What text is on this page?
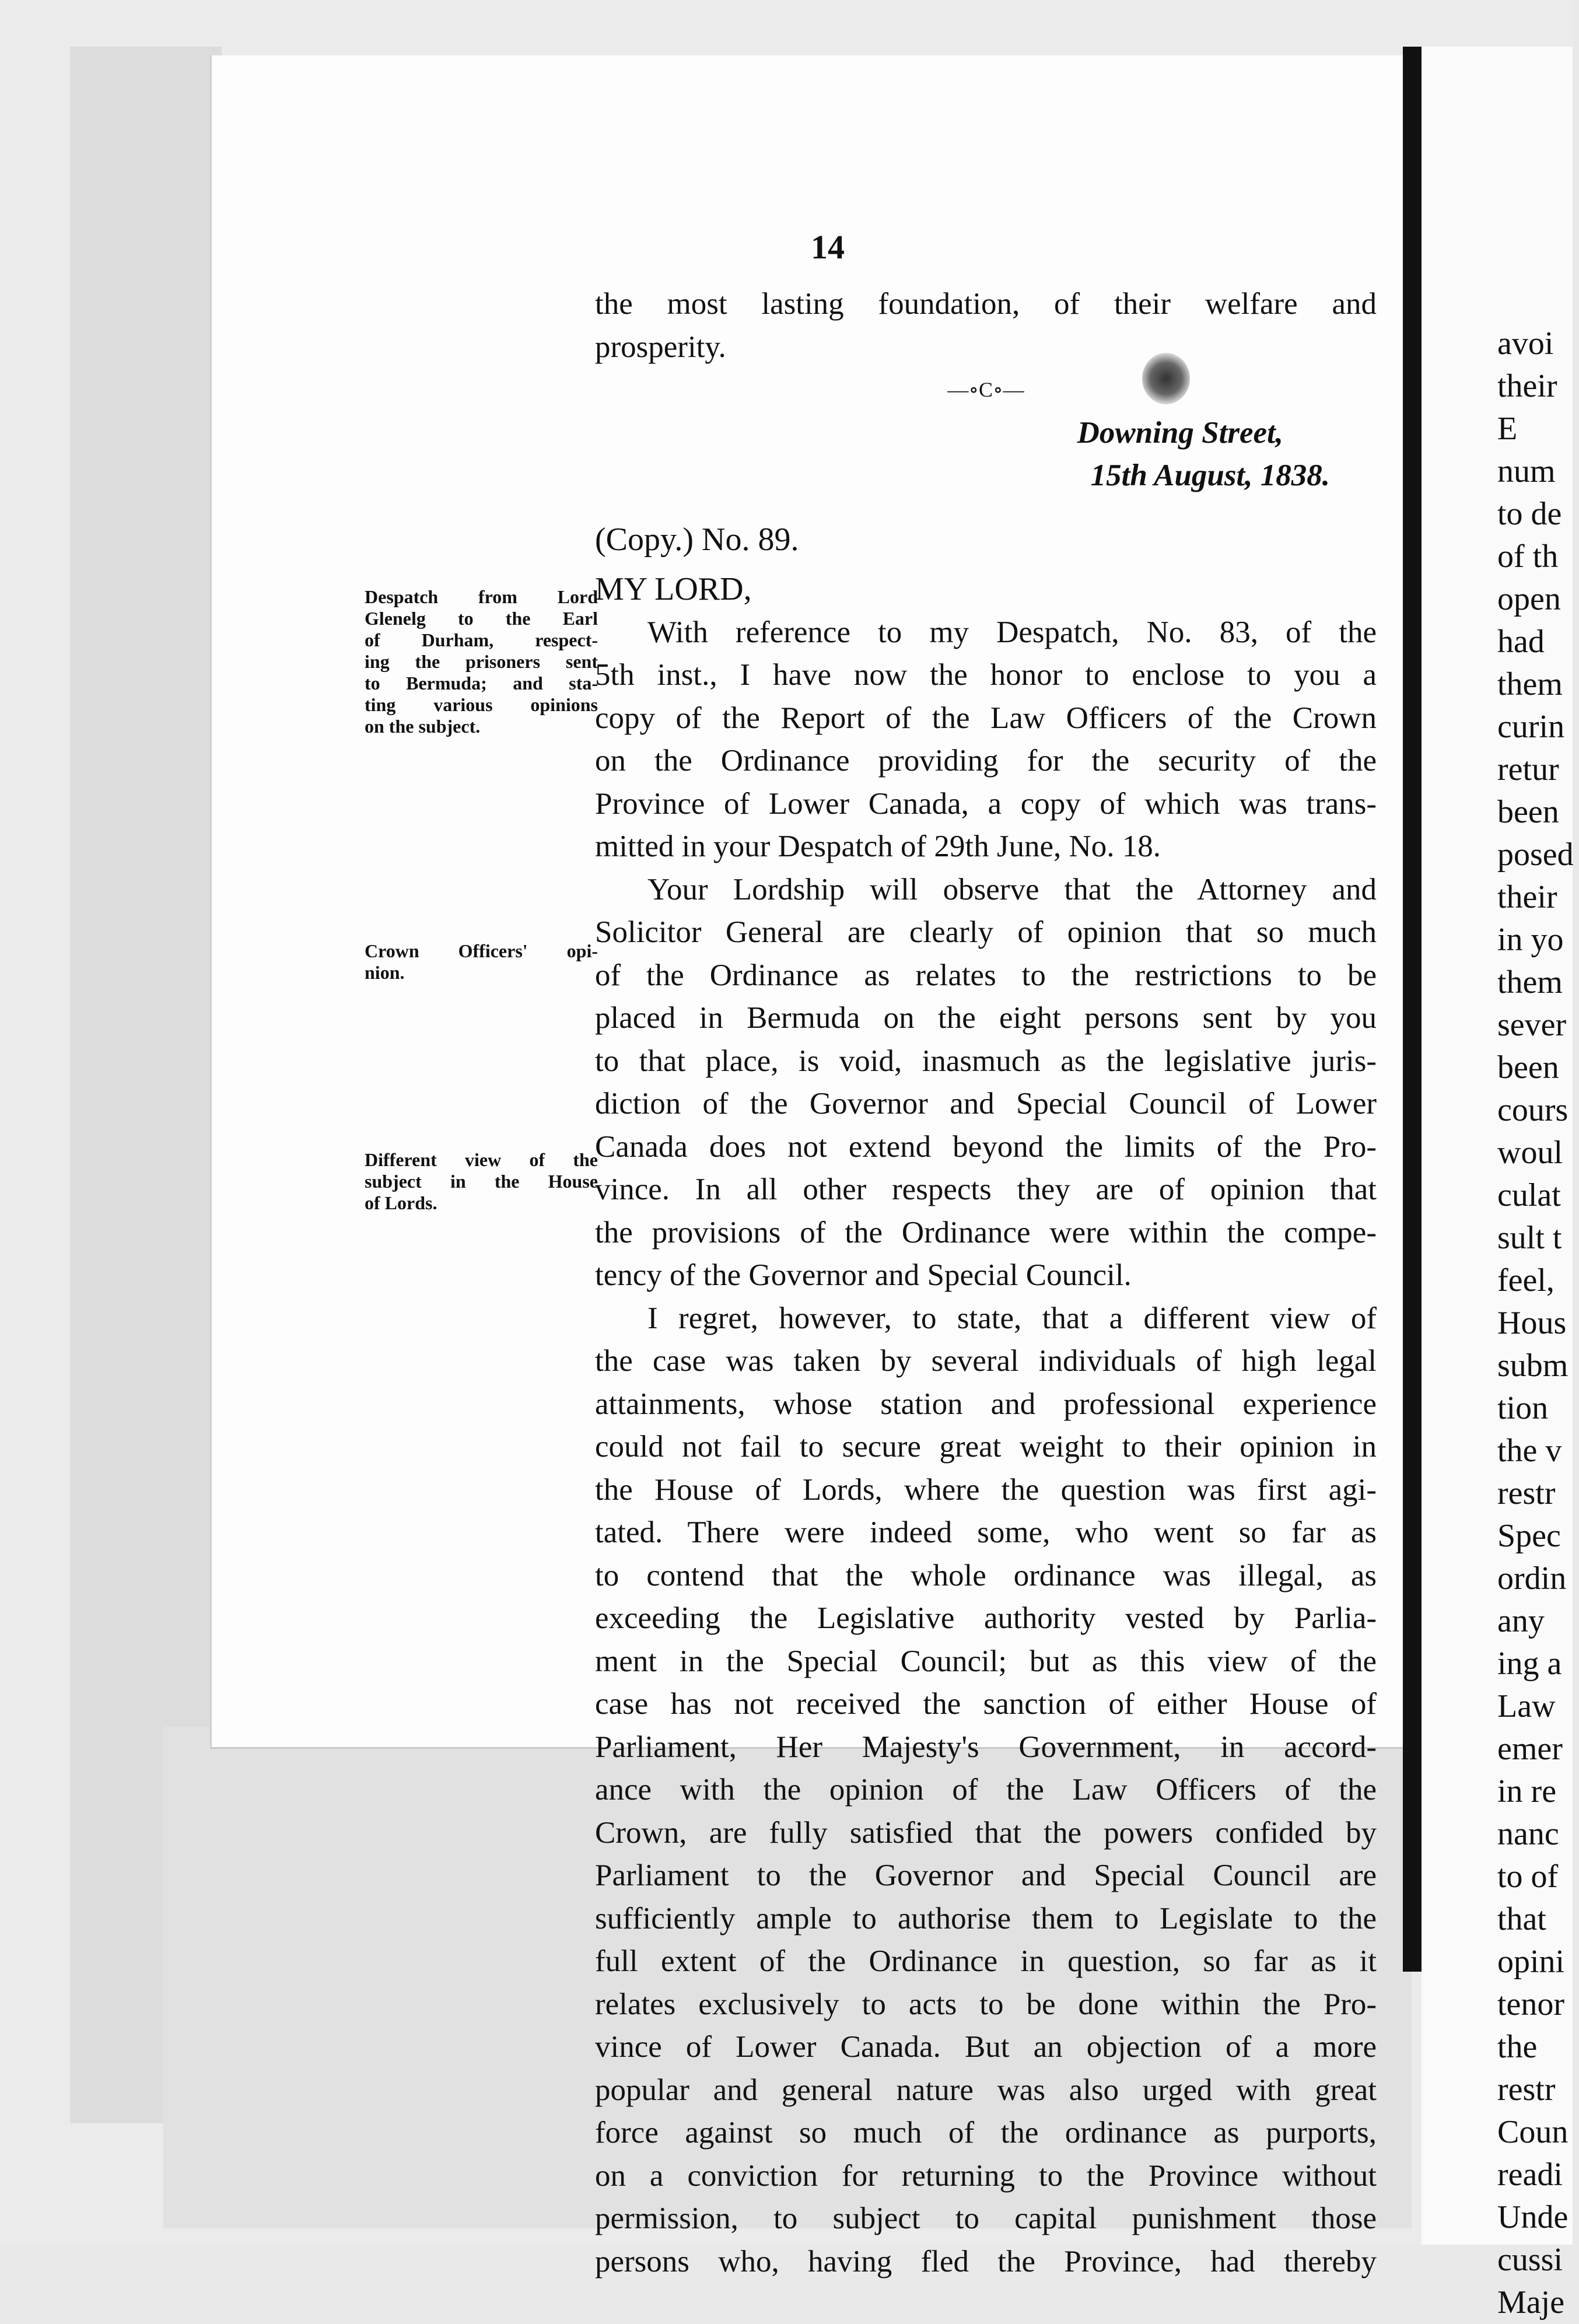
avoi
their
E
num
to de
of th
open
had
them
curin
retur
been
posed
their
in yo
them
sever
been
cours
woul
culat
sult t
feel,
Hous
subm
tion
the v
restr
Spec
ordin
any
ing a
Law
emer
in re
nanc
to of
that
opini
tenor
the
restr
Coun
readi
Unde
cussi
Maje
14
the most lasting foundation, of their welfare and
prosperity.
—∘C∘—
Downing Street,
15th August, 1838.
(Copy.) No. 89.
MY LORD,
With reference to my Despatch, No. 83, of the
5th inst., I have now the honor to enclose to you a
copy of the Report of the Law Officers of the Crown
on the Ordinance providing for the security of the
Province of Lower Canada, a copy of which was trans-
mitted in your Despatch of 29th June, No. 18.
Your Lordship will observe that the Attorney and
Solicitor General are clearly of opinion that so much
of the Ordinance as relates to the restrictions to be
placed in Bermuda on the eight persons sent by you
to that place, is void, inasmuch as the legislative juris-
diction of the Governor and Special Council of Lower
Canada does not extend beyond the limits of the Pro-
vince. In all other respects they are of opinion that
the provisions of the Ordinance were within the compe-
tency of the Governor and Special Council.
I regret, however, to state, that a different view of
the case was taken by several individuals of high legal
attainments, whose station and professional experience
could not fail to secure great weight to their opinion in
the House of Lords, where the question was first agi-
tated. There were indeed some, who went so far as
to contend that the whole ordinance was illegal, as
exceeding the Legislative authority vested by Parlia-
ment in the Special Council; but as this view of the
case has not received the sanction of either House of
Parliament, Her Majesty's Government, in accord-
ance with the opinion of the Law Officers of the
Crown, are fully satisfied that the powers confided by
Parliament to the Governor and Special Council are
sufficiently ample to authorise them to Legislate to the
full extent of the Ordinance in question, so far as it
relates exclusively to acts to be done within the Pro-
vince of Lower Canada. But an objection of a more
popular and general nature was also urged with great
force against so much of the ordinance as purports,
on a conviction for returning to the Province without
permission, to subject to capital punishment those
persons who, having fled the Province, had thereby
Despatch from Lord
Glenelg to the Earl
of Durham, respect-
ing the prisoners sent
to Bermuda; and sta-
ting various opinions
on the subject.
Crown Officers' opi-
nion.
Different view of the
subject in the House
of Lords.
